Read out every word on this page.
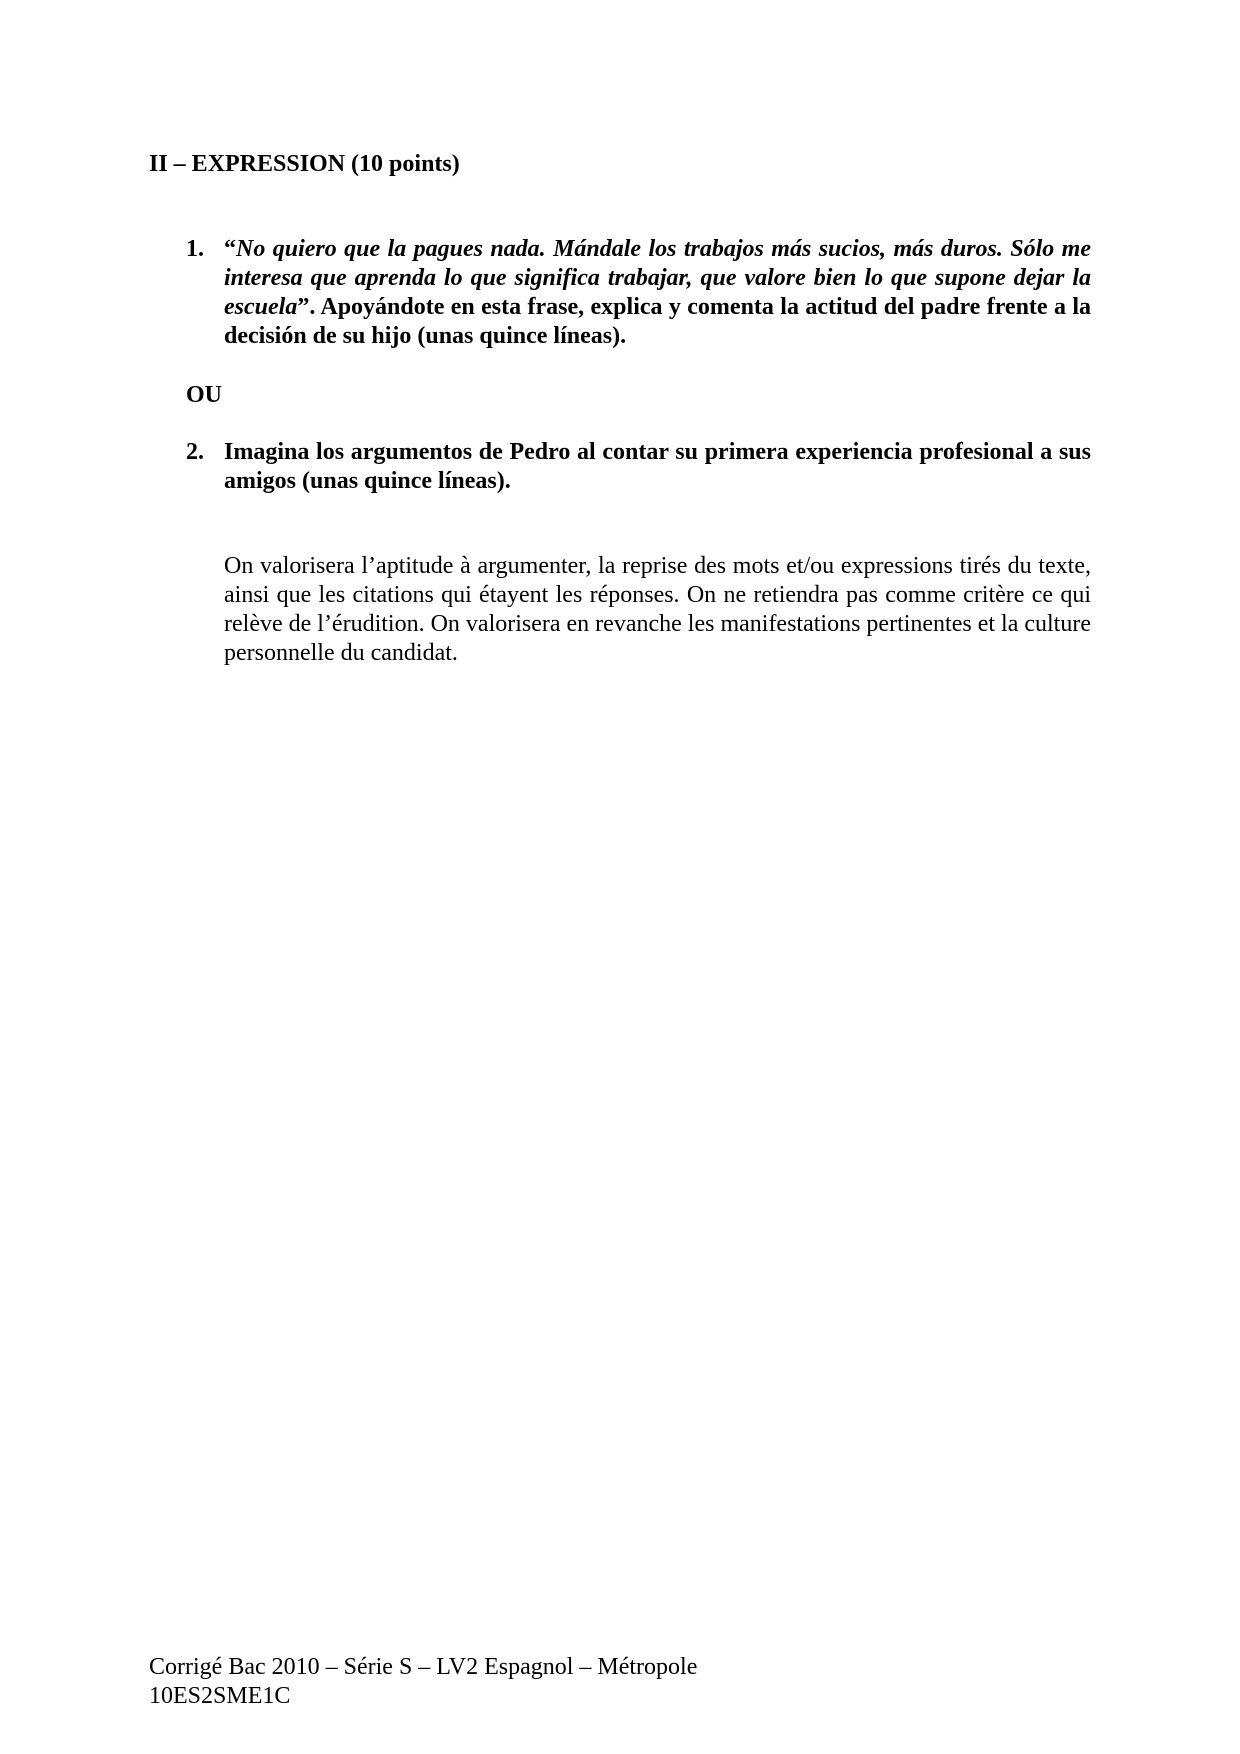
II – EXPRESSION (10 points)
1. “No quiero que la pagues nada. Mándale los trabajos más sucios, más duros. Sólo me interesa que aprenda lo que significa trabajar, que valore bien lo que supone dejar la escuela”. Apoyándote en esta frase, explica y comenta la actitud del padre frente a la decisión de su hijo (unas quince líneas).
OU
2. Imagina los argumentos de Pedro al contar su primera experiencia profesional a sus amigos (unas quince líneas).
On valorisera l’aptitude à argumenter, la reprise des mots et/ou expressions tirés du texte, ainsi que les citations qui étayent les réponses. On ne retiendra pas comme critère ce qui relève de l’érudition. On valorisera en revanche les manifestations pertinentes et la culture personnelle du candidat.
Corrigé Bac 2010 – Série S – LV2 Espagnol – Métropole
10ES2SME1C
